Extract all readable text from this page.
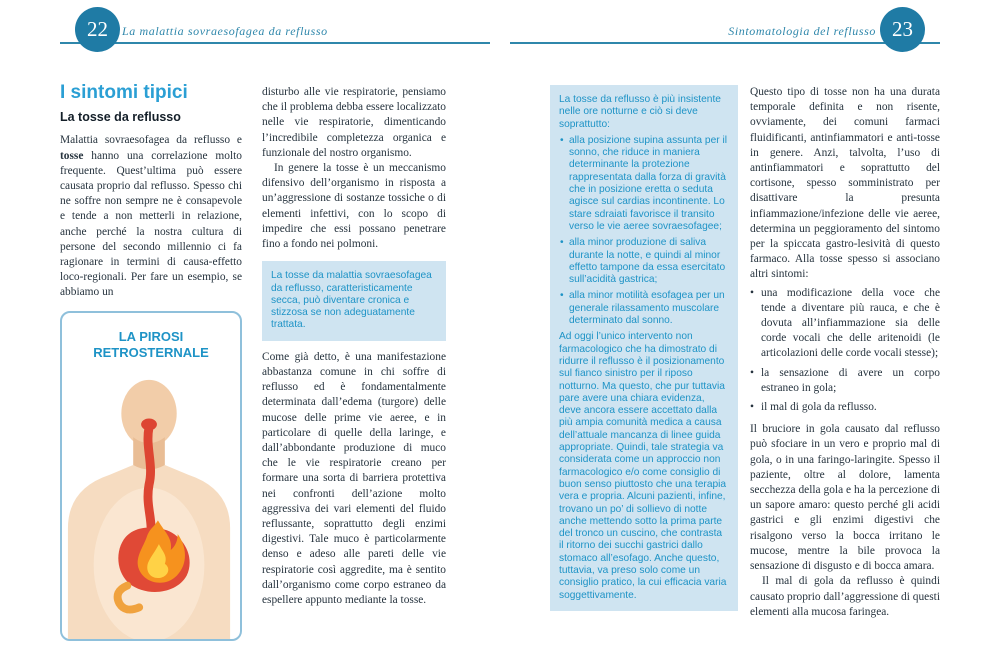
22 La malattia sovraesofagea da reflusso	Sintomatologia del reflusso 23
I sintomi tipici
La tosse da reflusso

Malattia sovraesofagea da reflusso e tosse hanno una correlazione molto frequente. Quest’ultima può essere causata proprio dal reflusso. Spesso chi ne soffre non sempre ne è consapevole e tende a non metterli in relazione, anche perché la nostra cultura di persone del secondo millennio ci fa ragionare in termini di causa-effetto loco-regionali. Per fare un esempio, se abbiamo un

LA PIROSI RETROSTERNALE

disturbo alle vie respiratorie, pensiamo che il problema debba essere localizzato nelle vie respiratorie, dimenticando l’incredibile completezza organica e funzionale del nostro organismo.

In genere la tosse è un meccanismo difensivo dell’organismo in risposta a un’aggressione di sostanze tossiche o di elementi infettivi, con lo scopo di impedire che essi possano penetrare fino a fondo nei polmoni.

La tosse da malattia sovraesofagea da reflusso, caratteristicamente secca, può diventare cronica e stizzosa se non adeguatamente trattata.

Come già detto, è una manifestazione abbastanza comune in chi soffre di reflusso ed è fondamentalmente determinata dall’edema (turgore) delle mucose delle prime vie aeree, e in particolare di quelle della laringe, e dall’abbondante produzione di muco che le vie respiratorie creano per formare una sorta di barriera protettiva nei confronti dell’azione molto aggressiva dei vari elementi del fluido reflussante, soprattutto degli enzimi digestivi. Tale muco è particolarmente denso e adeso alle pareti delle vie respiratorie così aggredite, ma è sentito dall’organismo come corpo estraneo da espellere appunto mediante la tosse.

La tosse da reflusso è più insistente nelle ore notturne e ciò si deve soprattutto:

• alla posizione supina assunta per il sonno, che riduce in maniera determinante la protezione rappresentata dalla forza di gravità che in posizione eretta o seduta agisce sul cardias incontinente. Lo stare sdraiati favorisce il transito verso le vie aeree sovraesofagee;
• alla minor produzione di saliva durante la notte, e quindi al minor effetto tampone da essa esercitato sull’acidità gastrica;
• alla minor motilità esofagea per un generale rilassamento muscolare determinato dal sonno.

Ad oggi l’unico intervento non farmacologico che ha dimostrato di ridurre il reflusso è il posizionamento sul fianco sinistro per il riposo notturno. Ma questo, che pur tuttavia pare avere una chiara evidenza, deve ancora essere accettato dalla più ampia comunità medica a causa dell’attuale mancanza di linee guida appropriate. Quindi, tale strategia va considerata come un approccio non farmacologico e/o come consiglio di buon senso piuttosto che una terapia vera e propria. Alcuni pazienti, infine, trovano un po’ di sollievo di notte anche mettendo sotto la prima parte del tronco un cuscino, che contrasta il ritorno dei succhi gastrici dallo stomaco all’esofago. Anche questo, tuttavia, va preso solo come un consiglio pratico, la cui efficacia varia soggettivamente.

Questo tipo di tosse non ha una durata temporale definita e non risente, ovviamente, dei comuni farmaci fluidificanti, antinfiammatori e anti-tosse in genere. Anzi, talvolta, l’uso di antinfiammatori e soprattutto del cortisone, spesso somministrato per disattivare la presunta infiammazione/infezione delle vie aeree, determina un peggioramento del sintomo per la spiccata gastro-lesività di questo farmaco. Alla tosse spesso si associano altri sintomi:

• una modificazione della voce che tende a diventare più rauca, e che è dovuta all’infiammazione sia delle corde vocali che delle aritenoidi (le articolazioni delle corde vocali stesse);
• la sensazione di avere un corpo estraneo in gola;
• il mal di gola da reflusso.

Il bruciore in gola causato dal reflusso può sfociare in un vero e proprio mal di gola, o in una faringo-laringite. Spesso il paziente, oltre al dolore, lamenta secchezza della gola e ha la percezione di un sapore amaro: questo perché gli acidi gastrici e gli enzimi digestivi che risalgono verso la bocca irritano le mucose, mentre la bile provoca la sensazione di disgusto e di bocca amara.

Il mal di gola da reflusso è quindi causato proprio dall’aggressione di questi elementi alla mucosa faringea.
